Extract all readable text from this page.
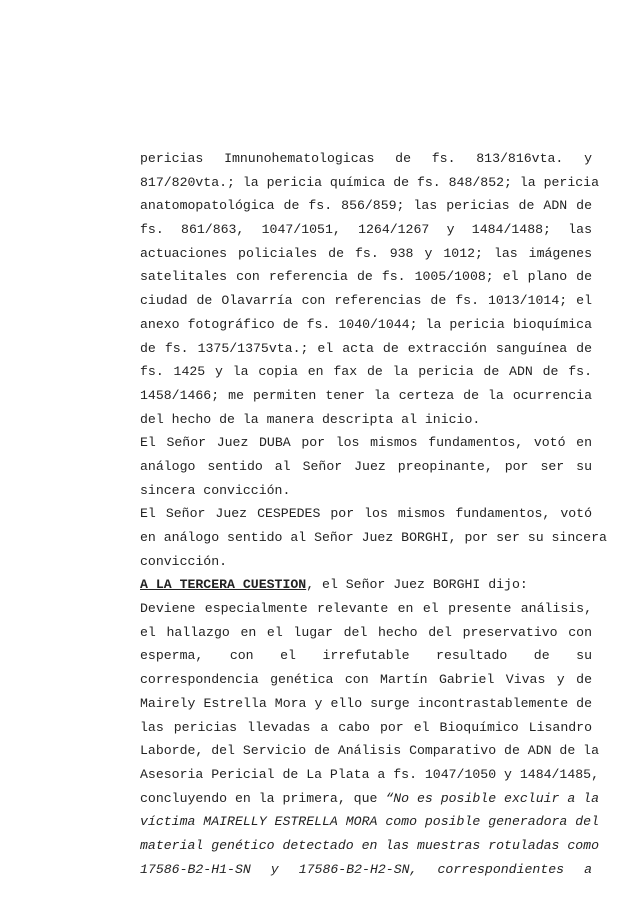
pericias Imnunohematologicas de fs. 813/816vta. y
817/820vta.; la pericia química de fs. 848/852; la pericia
anatomopatológica de fs. 856/859; las pericias de ADN de
fs. 861/863, 1047/1051, 1264/1267 y 1484/1488; las
actuaciones policiales de fs. 938 y 1012; las imágenes
satelitales con referencia de fs. 1005/1008; el plano de
ciudad de Olavarría con referencias de fs. 1013/1014; el
anexo fotográfico de fs. 1040/1044; la pericia bioquímica
de fs. 1375/1375vta.; el acta de extracción sanguínea de
fs. 1425 y la copia en fax de la pericia de ADN de fs.
1458/1466; me permiten tener la certeza de la ocurrencia
del hecho de la manera descripta al inicio.
El Señor Juez DUBA por los mismos fundamentos, votó en
análogo sentido al Señor Juez preopinante, por ser su
sincera convicción.
El Señor Juez CESPEDES por los mismos fundamentos, votó
en análogo sentido al Señor Juez BORGHI, por ser su sincera
convicción.
A LA TERCERA CUESTION, el Señor Juez BORGHI dijo:
Deviene especialmente relevante en el presente análisis,
el hallazgo en el lugar del hecho del preservativo con
esperma, con el irrefutable resultado de su
correspondencia genética con Martín Gabriel Vivas y de
Mairely Estrella Mora y ello surge incontrastablemente de
las pericias llevadas a cabo por el Bioquímico Lisandro
Laborde, del Servicio de Análisis Comparativo de ADN de la
Asesoria Pericial de La Plata a fs. 1047/1050 y 1484/1485,
concluyendo en la primera, que “No es posible excluir a la
víctima MAIRELLY ESTRELLA MORA como posible generadora del
material genético detectado en las muestras rotuladas como
17586-B2-H1-SN y 17586-B2-H2-SN, correspondientes a
